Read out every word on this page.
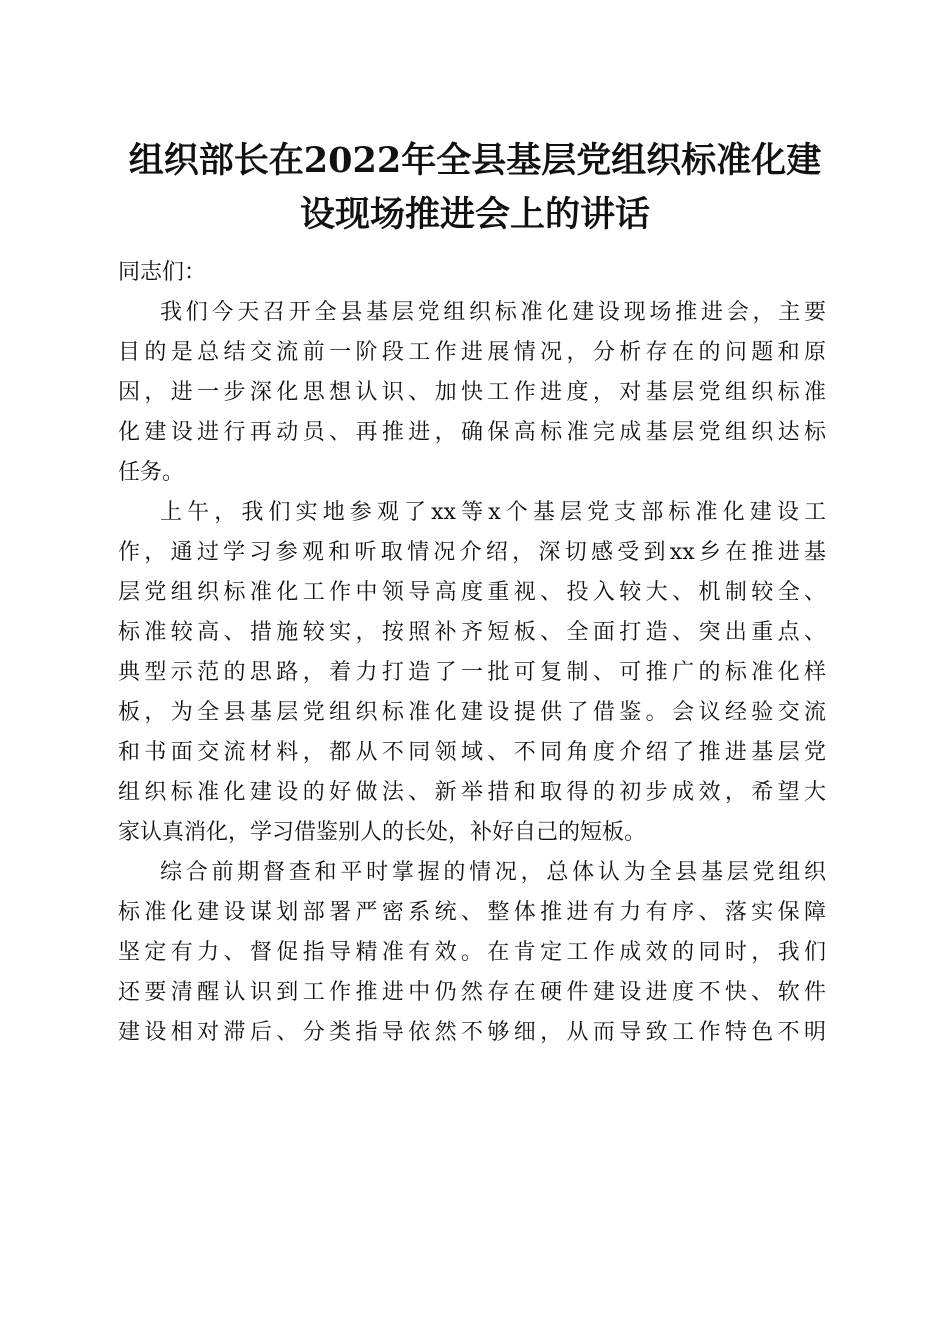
组织部长在2022年全县基层党组织标准化建
设现场推进会上的讲话
同志们：
我们今天召开全县基层党组织标准化建设现场推进会，主要
目的是总结交流前一阶段工作进展情况，分析存在的问题和原
因，进一步深化思想认识、加快工作进度，对基层党组织标准
化建设进行再动员、再推进，确保高标准完成基层党组织达标
任务。
上午，我们实地参观了xx等x个基层党支部标准化建设工
作，通过学习参观和听取情况介绍，深切感受到xx乡在推进基
层党组织标准化工作中领导高度重视、投入较大、机制较全、
标准较高、措施较实，按照补齐短板、全面打造、突出重点、
典型示范的思路，着力打造了一批可复制、可推广的标准化样
板，为全县基层党组织标准化建设提供了借鉴。会议经验交流
和书面交流材料，都从不同领域、不同角度介绍了推进基层党
组织标准化建设的好做法、新举措和取得的初步成效，希望大
家认真消化，学习借鉴别人的长处，补好自己的短板。
综合前期督查和平时掌握的情况，总体认为全县基层党组织
标准化建设谋划部署严密系统、整体推进有力有序、落实保障
坚定有力、督促指导精准有效。在肯定工作成效的同时，我们
还要清醒认识到工作推进中仍然存在硬件建设进度不快、软件
建设相对滞后、分类指导依然不够细，从而导致工作特色不明
